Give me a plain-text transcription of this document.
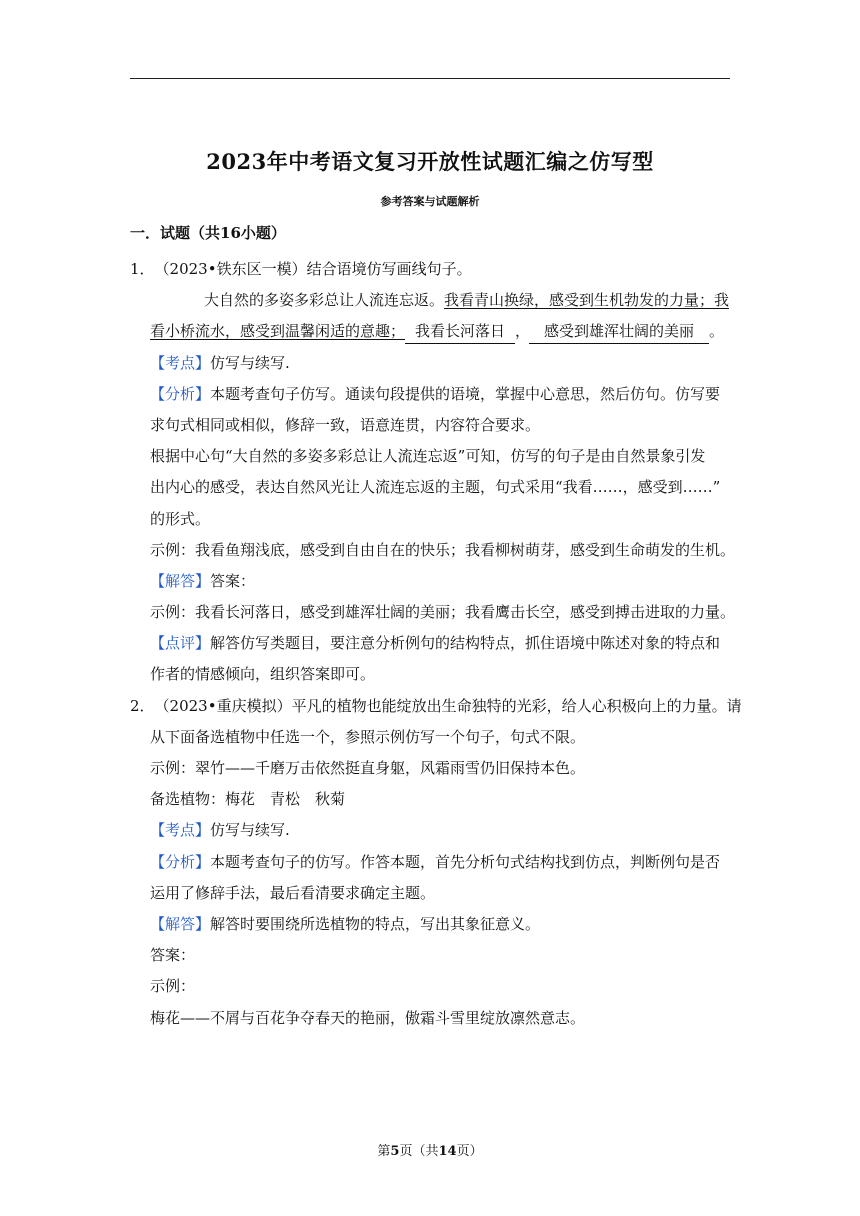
2023年中考语文复习开放性试题汇编之仿写型
参考答案与试题解析
一．试题（共16小题）
1．（2023•铁东区一模）结合语境仿写画线句子。
大自然的多姿多彩总让人流连忘返。我看青山换绿，感受到生机勃发的力量；我
看小桥流水，感受到温馨闲适的意趣； 我看长河落日 ， 感受到雄浑壮阔的美丽 。
【考点】仿写与续写.
【分析】本题考查句子仿写。通读句段提供的语境，掌握中心意思，然后仿句。仿写要
求句式相同或相似，修辞一致，语意连贯，内容符合要求。
根据中心句“大自然的多姿多彩总让人流连忘返”可知，仿写的句子是由自然景象引发
出内心的感受，表达自然风光让人流连忘返的主题，句式采用“我看……，感受到……”
的形式。
示例：我看鱼翔浅底，感受到自由自在的快乐；我看柳树萌芽，感受到生命萌发的生机。
【解答】答案：
示例：我看长河落日，感受到雄浑壮阔的美丽；我看鹰击长空，感受到搏击进取的力量。
【点评】解答仿写类题目，要注意分析例句的结构特点，抓住语境中陈述对象的特点和
作者的情感倾向，组织答案即可。
2．（2023•重庆模拟）平凡的植物也能绽放出生命独特的光彩，给人心积极向上的力量。请
从下面备选植物中任选一个，参照示例仿写一个句子，句式不限。
示例：翠竹——千磨万击依然挺直身躯，风霜雨雪仍旧保持本色。
备选植物：梅花　青松　秋菊
【考点】仿写与续写.
【分析】本题考查句子的仿写。作答本题，首先分析句式结构找到仿点，判断例句是否
运用了修辞手法，最后看清要求确定主题。
【解答】解答时要围绕所选植物的特点，写出其象征意义。
答案：
示例：
梅花——不屑与百花争夺春天的艳丽，傲霜斗雪里绽放凛然意志。
第5页（共14页）
